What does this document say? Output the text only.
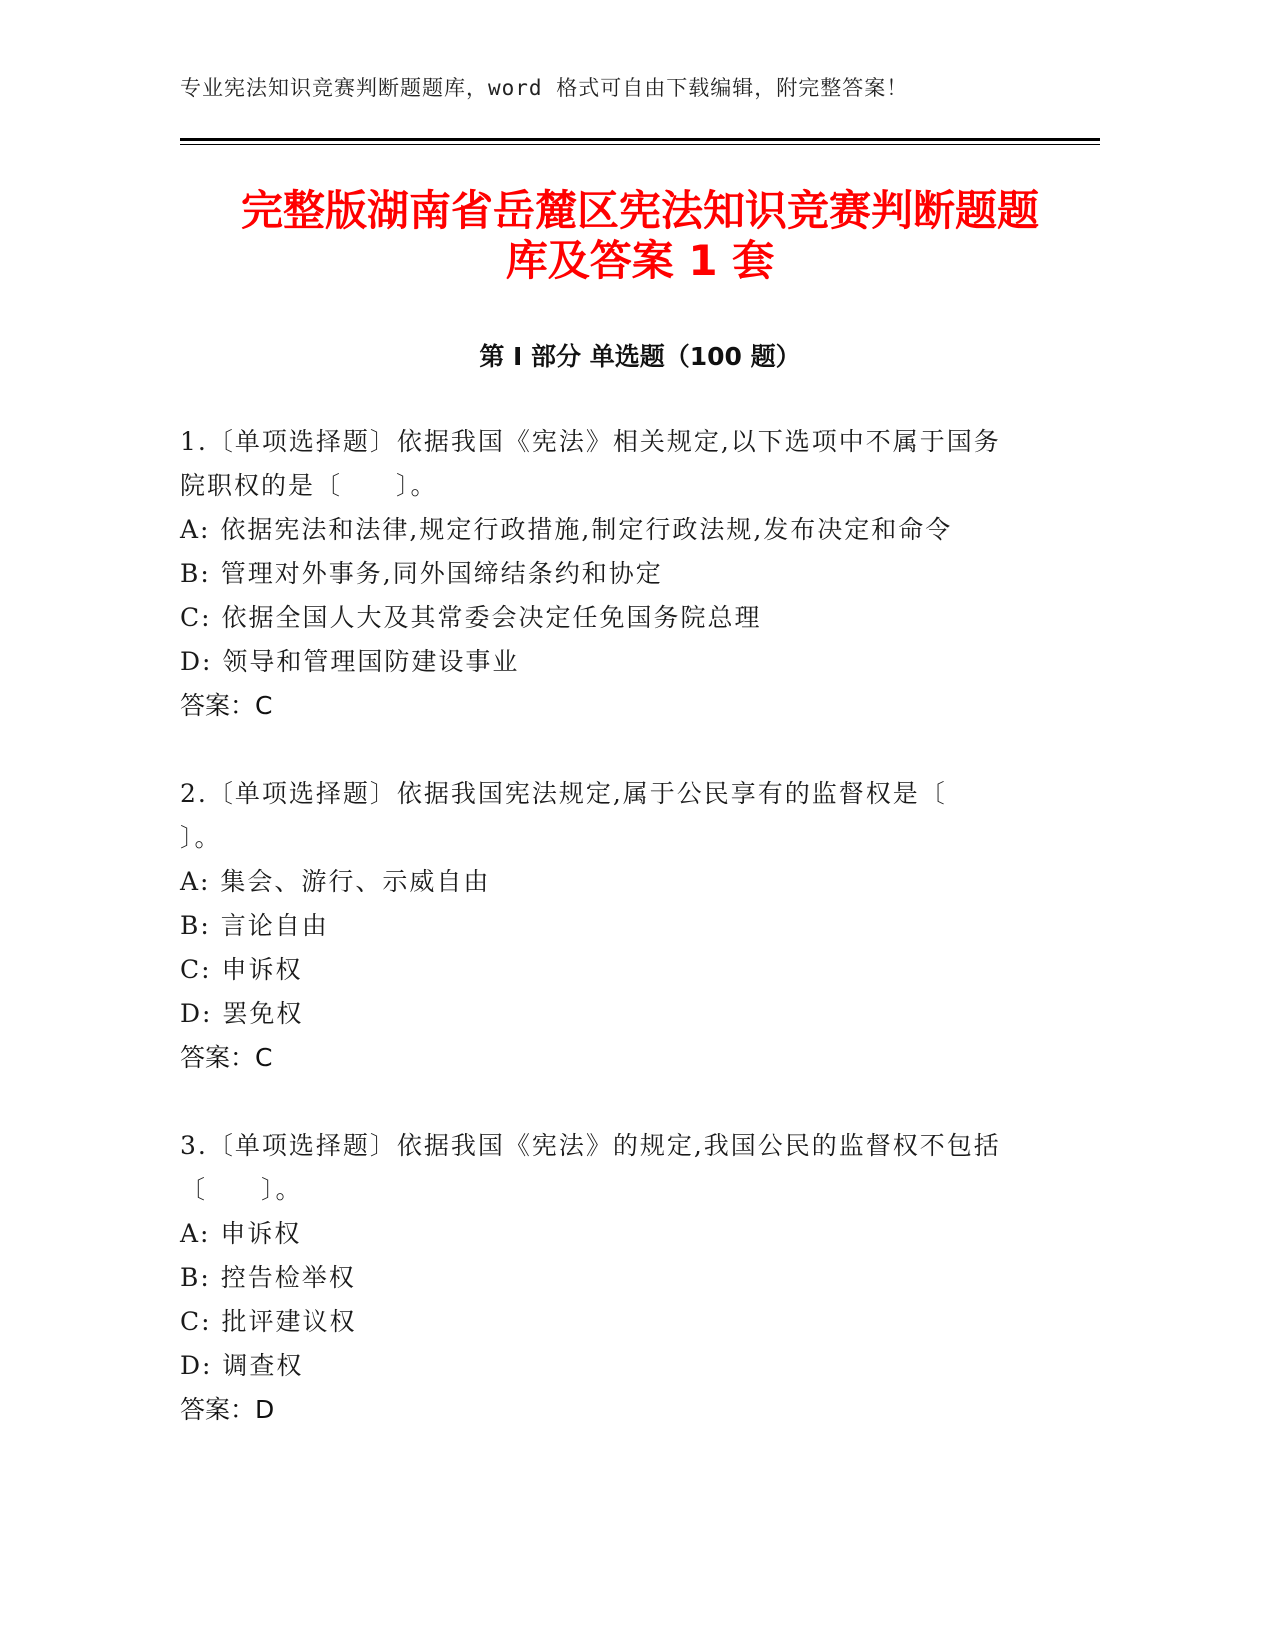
专业宪法知识竞赛判断题题库，word 格式可自由下载编辑，附完整答案！
完整版湖南省岳麓区宪法知识竞赛判断题题
库及答案 1 套
第 I 部分 单选题（100 题）
1.〔单项选择题〕依据我国《宪法》相关规定,以下选项中不属于国务
院职权的是〔　　〕。
A: 依据宪法和法律,规定行政措施,制定行政法规,发布决定和命令
B: 管理对外事务,同外国缔结条约和协定
C: 依据全国人大及其常委会决定任免国务院总理
D: 领导和管理国防建设事业
答案：C
2.〔单项选择题〕依据我国宪法规定,属于公民享有的监督权是〔
〕。
A: 集会、游行、示威自由
B: 言论自由
C: 申诉权
D: 罢免权
答案：C
3.〔单项选择题〕依据我国《宪法》的规定,我国公民的监督权不包括
〔　　〕。
A: 申诉权
B: 控告检举权
C: 批评建议权
D: 调查权
答案：D
